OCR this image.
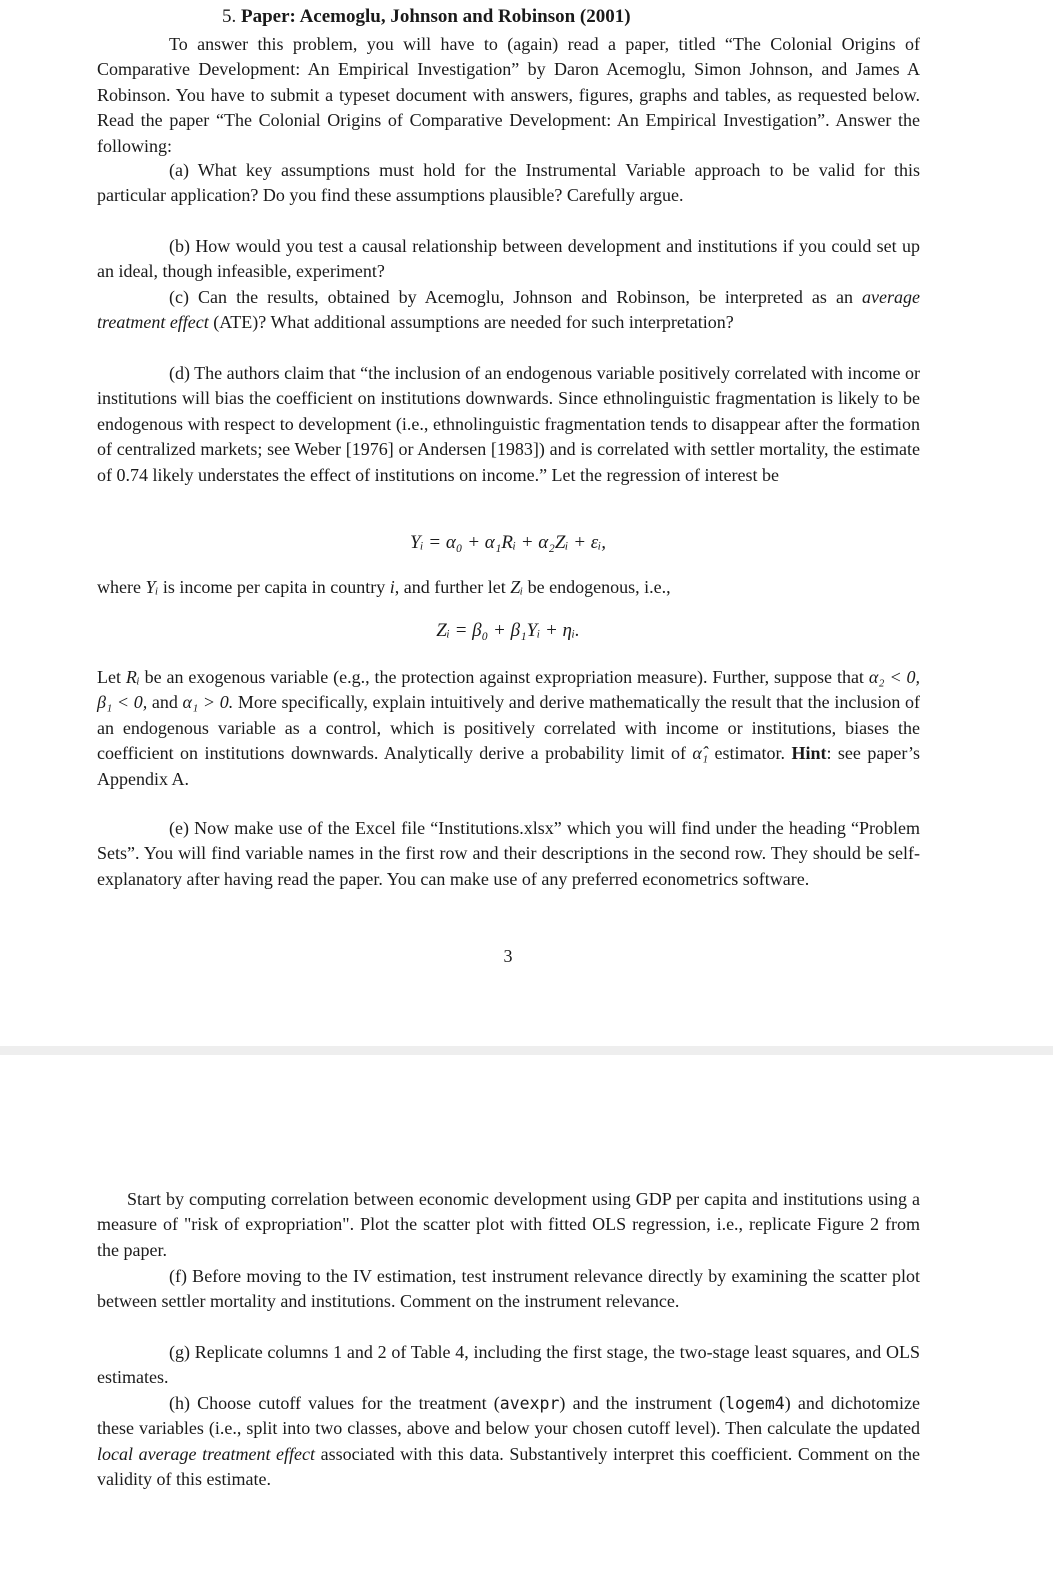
5. Paper: Acemoglu, Johnson and Robinson (2001)

To answer this problem, you will have to (again) read a paper, titled “The Colonial Origins of Comparative Development: An Empirical Investigation” by Daron Acemoglu, Simon Johnson, and James A Robinson. You have to submit a typeset document with answers, figures, graphs and tables, as requested below. Read the paper “The Colonial Origins of Comparative Development: An Empirical Investigation”. Answer the following:

(a) What key assumptions must hold for the Instrumental Variable approach to be valid for this particular application? Do you find these assumptions plausible? Carefully argue.

(b) How would you test a causal relationship between development and institutions if you could set up an ideal, though infeasible, experiment?

(c) Can the results, obtained by Acemoglu, Johnson and Robinson, be interpreted as an average treatment effect (ATE)? What additional assumptions are needed for such interpretation?

(d) The authors claim that “the inclusion of an endogenous variable positively correlated with income or institutions will bias the coefficient on institutions downwards. Since ethnolinguistic fragmentation is likely to be endogenous with respect to development (i.e., ethnolinguistic fragmentation tends to disappear after the formation of centralized markets; see Weber [1976] or Andersen [1983]) and is correlated with settler mortality, the estimate of 0.74 likely understates the effect of institutions on income.” Let the regression of interest be

Yᵢ = α₀ + α₁Rᵢ + α₂Zᵢ + εᵢ,

where Yᵢ is income per capita in country i, and further let Zᵢ be endogenous, i.e.,

Zᵢ = β₀ + β₁Yᵢ + ηᵢ.

Let Rᵢ be an exogenous variable (e.g., the protection against expropriation measure). Further, suppose that α₂ < 0, β₁ < 0, and α₁ > 0. More specifically, explain intuitively and derive mathematically the result that the inclusion of an endogenous variable as a control, which is positively correlated with income or institutions, biases the coefficient on institutions downwards. Analytically derive a probability limit of α̂₁ estimator. Hint: see paper’s Appendix A.

(e) Now make use of the Excel file “Institutions.xlsx” which you will find under the heading “Problem Sets”. You will find variable names in the first row and their descriptions in the second row. They should be self-explanatory after having read the paper. You can make use of any preferred econometrics software.

3

Start by computing correlation between economic development using GDP per capita and institutions using a measure of "risk of expropriation". Plot the scatter plot with fitted OLS regression, i.e., replicate Figure 2 from the paper.

(f) Before moving to the IV estimation, test instrument relevance directly by examining the scatter plot between settler mortality and institutions. Comment on the instrument relevance.

(g) Replicate columns 1 and 2 of Table 4, including the first stage, the two-stage least squares, and OLS estimates.

(h) Choose cutoff values for the treatment (avexpr) and the instrument (logem4) and dichotomize these variables (i.e., split into two classes, above and below your chosen cutoff level). Then calculate the updated local average treatment effect associated with this data. Substantively interpret this coefficient. Comment on the validity of this estimate.
